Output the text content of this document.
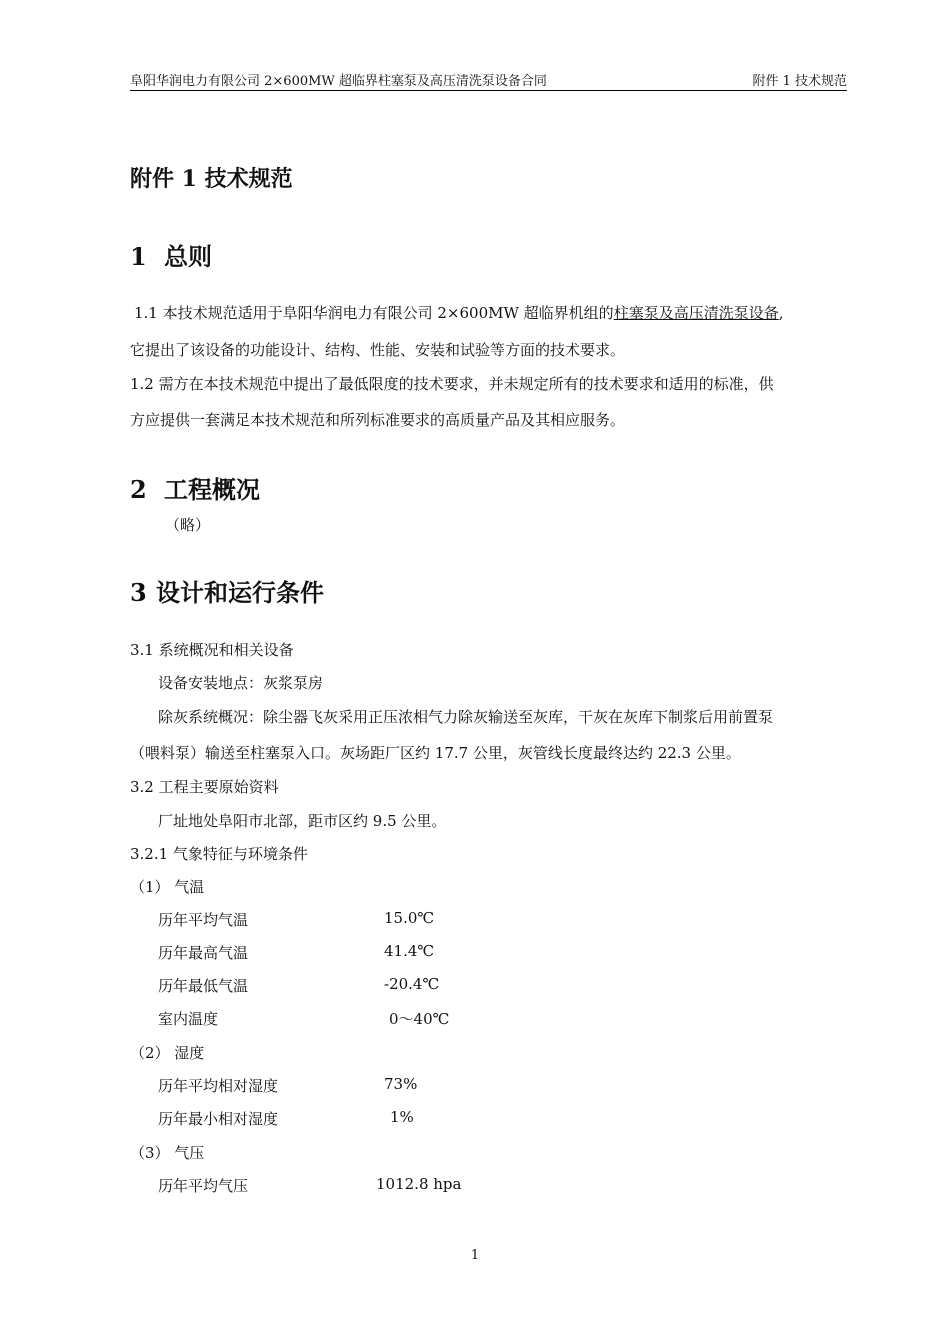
阜阳华润电力有限公司 2×600MW 超临界柱塞泵及高压清洗泵设备合同	附件 1 技术规范
附件 1 技术规范
1 总则
1.1 本技术规范适用于阜阳华润电力有限公司 2×600MW 超临界机组的柱塞泵及高压清洗泵设备,
它提出了该设备的功能设计、结构、性能、安装和试验等方面的技术要求。
1.2 需方在本技术规范中提出了最低限度的技术要求，并未规定所有的技术要求和适用的标准，供
方应提供一套满足本技术规范和所列标准要求的高质量产品及其相应服务。
2 工程概况
（略）
3 设计和运行条件
3.1 系统概况和相关设备
设备安装地点：灰浆泵房
除灰系统概况：除尘器飞灰采用正压浓相气力除灰输送至灰库，干灰在灰库下制浆后用前置泵
（喂料泵）输送至柱塞泵入口。灰场距厂区约 17.7 公里，灰管线长度最终达约 22.3 公里。
3.2 工程主要原始资料
厂址地处阜阳市北部，距市区约 9.5 公里。
3.2.1 气象特征与环境条件
（1） 气温
历年平均气温	15.0℃
历年最高气温	41.4℃
历年最低气温	-20.4℃
室内温度	0～40℃
（2） 湿度
历年平均相对湿度	73%
历年最小相对湿度	1%
（3） 气压
历年平均气压	1012.8 hpa
1
